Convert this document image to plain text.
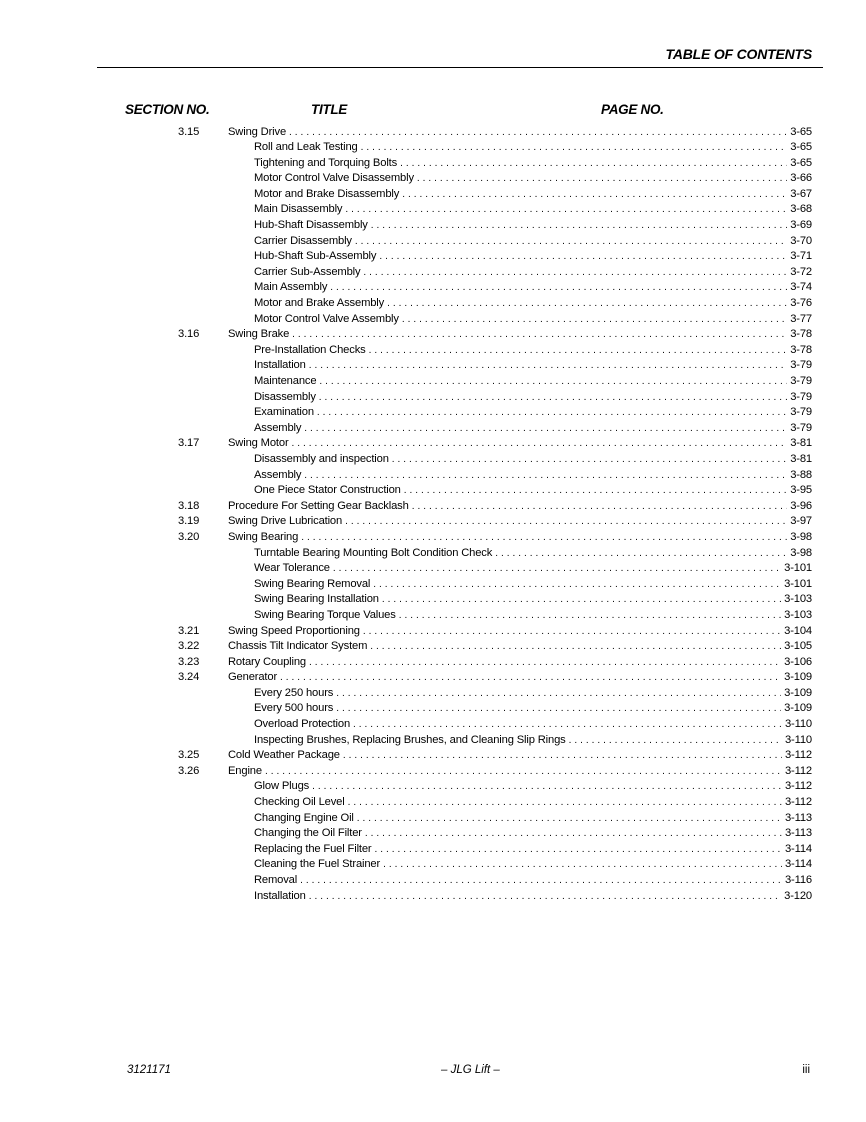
TABLE OF CONTENTS
SECTION NO.	TITLE	PAGE NO.
3.15	Swing Drive . . .	3-65
Roll and Leak Testing . . .	3-65
Tightening and Torquing Bolts . . .	3-65
Motor Control Valve Disassembly . . .	3-66
Motor and Brake Disassembly . . .	3-67
Main Disassembly . . .	3-68
Hub-Shaft Disassembly . . .	3-69
Carrier Disassembly . . .	3-70
Hub-Shaft Sub-Assembly . . .	3-71
Carrier Sub-Assembly . . .	3-72
Main Assembly . . .	3-74
Motor and Brake Assembly . . .	3-76
Motor Control Valve Assembly . . .	3-77
3.16	Swing Brake . . .	3-78
Pre-Installation Checks . . .	3-78
Installation . . .	3-79
Maintenance . . .	3-79
Disassembly . . .	3-79
Examination . . .	3-79
Assembly . . .	3-79
3.17	Swing Motor . . .	3-81
Disassembly and inspection . . .	3-81
Assembly . . .	3-88
One Piece Stator Construction . . .	3-95
3.18	Procedure For Setting Gear Backlash . . .	3-96
3.19	Swing Drive Lubrication . . .	3-97
3.20	Swing Bearing . . .	3-98
Turntable Bearing Mounting Bolt Condition Check . . .	3-98
Wear Tolerance . . .	3-101
Swing Bearing Removal . . .	3-101
Swing Bearing Installation . . .	3-103
Swing Bearing Torque Values . . .	3-103
3.21	Swing Speed Proportioning . . .	3-104
3.22	Chassis Tilt Indicator System . . .	3-105
3.23	Rotary Coupling . . .	3-106
3.24	Generator . . .	3-109
Every 250 hours . . .	3-109
Every 500 hours . . .	3-109
Overload Protection . . .	3-110
Inspecting Brushes, Replacing Brushes, and Cleaning Slip Rings . . .	3-110
3.25	Cold Weather Package . . .	3-112
3.26	Engine . . .	3-112
Glow Plugs . . .	3-112
Checking Oil Level . . .	3-112
Changing Engine Oil . . .	3-113
Changing the Oil Filter . . .	3-113
Replacing the Fuel Filter . . .	3-114
Cleaning the Fuel Strainer . . .	3-114
Removal . . .	3-116
Installation . . .	3-120
3121171	– JLG Lift –	iii
